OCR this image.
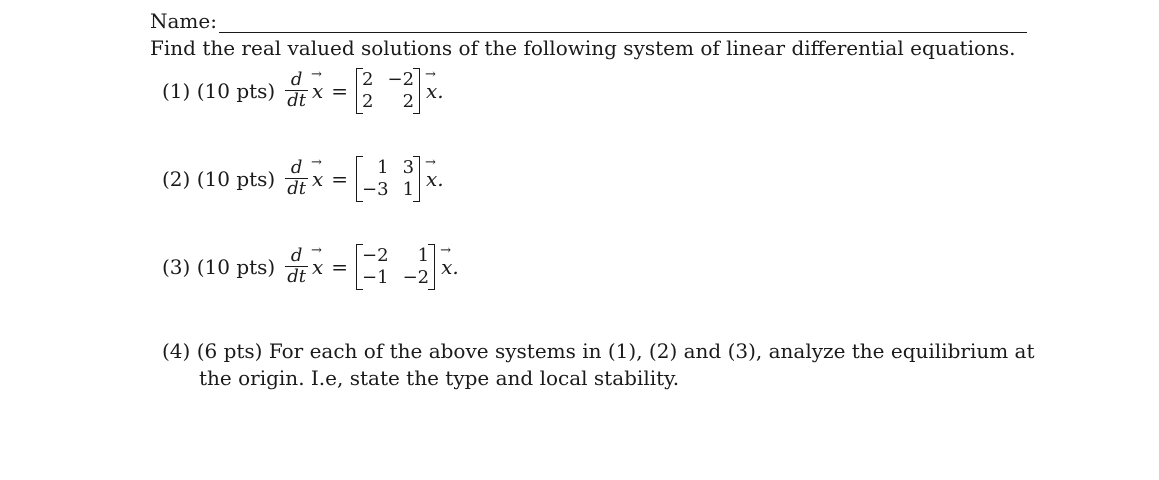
Name:
Find the real valued solutions of the following system of linear differential equations.
(1) (10 $pts) \frac{d}{dt}$
→ x = 2 −2
2	2
→ x.
(2) (10 $pts) \frac{d}{dt}$
→ x =	1 3
−3 1
→ x.
(3) (10 $pts) \frac{d}{dt}$
→ x = −2	1
−1 −2
→ x.
(4) (6 pts) For each of the above systems in (1), (2) and (3), analyze the equilibrium at
the origin. I.e, state the type and local stability.
